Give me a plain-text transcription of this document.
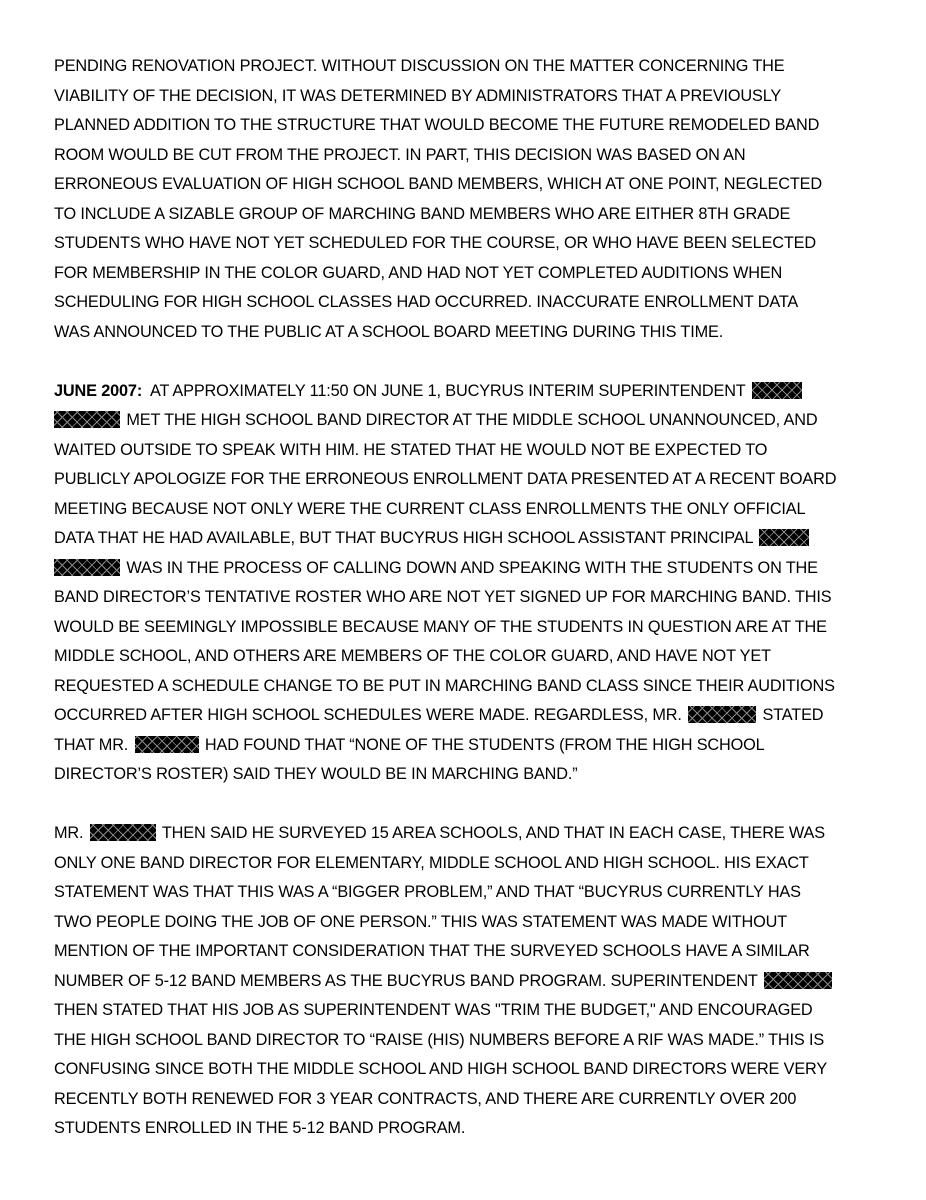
PENDING RENOVATION PROJECT. WITHOUT DISCUSSION ON THE MATTER CONCERNING THE
VIABILITY OF THE DECISION, IT WAS DETERMINED BY ADMINISTRATORS THAT A PREVIOUSLY
PLANNED ADDITION TO THE STRUCTURE THAT WOULD BECOME THE FUTURE REMODELED BAND
ROOM WOULD BE CUT FROM THE PROJECT. IN PART, THIS DECISION WAS BASED ON AN
ERRONEOUS EVALUATION OF HIGH SCHOOL BAND MEMBERS, WHICH AT ONE POINT, NEGLECTED
TO INCLUDE A SIZABLE GROUP OF MARCHING BAND MEMBERS WHO ARE EITHER 8TH GRADE
STUDENTS WHO HAVE NOT YET SCHEDULED FOR THE COURSE, OR WHO HAVE BEEN SELECTED
FOR MEMBERSHIP IN THE COLOR GUARD, AND HAD NOT YET COMPLETED AUDITIONS WHEN
SCHEDULING FOR HIGH SCHOOL CLASSES HAD OCCURRED. INACCURATE ENROLLMENT DATA
WAS ANNOUNCED TO THE PUBLIC AT A SCHOOL BOARD MEETING DURING THIS TIME.
JUNE 2007:  AT APPROXIMATELY 11:50 ON JUNE 1, BUCYRUS INTERIM SUPERINTENDENT
MET THE HIGH SCHOOL BAND DIRECTOR AT THE MIDDLE SCHOOL UNANNOUNCED, AND
WAITED OUTSIDE TO SPEAK WITH HIM. HE STATED THAT HE WOULD NOT BE EXPECTED TO
PUBLICLY APOLOGIZE FOR THE ERRONEOUS ENROLLMENT DATA PRESENTED AT A RECENT BOARD
MEETING BECAUSE NOT ONLY WERE THE CURRENT CLASS ENROLLMENTS THE ONLY OFFICIAL
DATA THAT HE HAD AVAILABLE, BUT THAT BUCYRUS HIGH SCHOOL ASSISTANT PRINCIPAL
WAS IN THE PROCESS OF CALLING DOWN AND SPEAKING WITH THE STUDENTS ON THE
BAND DIRECTOR’S TENTATIVE ROSTER WHO ARE NOT YET SIGNED UP FOR MARCHING BAND. THIS
WOULD BE SEEMINGLY IMPOSSIBLE BECAUSE MANY OF THE STUDENTS IN QUESTION ARE AT THE
MIDDLE SCHOOL, AND OTHERS ARE MEMBERS OF THE COLOR GUARD, AND HAVE NOT YET
REQUESTED A SCHEDULE CHANGE TO BE PUT IN MARCHING BAND CLASS SINCE THEIR AUDITIONS
OCCURRED AFTER HIGH SCHOOL SCHEDULES WERE MADE. REGARDLESS, MR.	STATED
THAT MR.	HAD FOUND THAT “NONE OF THE STUDENTS (FROM THE HIGH SCHOOL
DIRECTOR’S ROSTER) SAID THEY WOULD BE IN MARCHING BAND.”
MR.	THEN SAID HE SURVEYED 15 AREA SCHOOLS, AND THAT IN EACH CASE, THERE WAS
ONLY ONE BAND DIRECTOR FOR ELEMENTARY, MIDDLE SCHOOL AND HIGH SCHOOL. HIS EXACT
STATEMENT WAS THAT THIS WAS A “BIGGER PROBLEM,” AND THAT “BUCYRUS CURRENTLY HAS
TWO PEOPLE DOING THE JOB OF ONE PERSON.” THIS WAS STATEMENT WAS MADE WITHOUT
MENTION OF THE IMPORTANT CONSIDERATION THAT THE SURVEYED SCHOOLS HAVE A SIMILAR
NUMBER OF 5-12 BAND MEMBERS AS THE BUCYRUS BAND PROGRAM. SUPERINTENDENT
THEN STATED THAT HIS JOB AS SUPERINTENDENT WAS "TRIM THE BUDGET," AND ENCOURAGED
THE HIGH SCHOOL BAND DIRECTOR TO “RAISE (HIS) NUMBERS BEFORE A RIF WAS MADE.” THIS IS
CONFUSING SINCE BOTH THE MIDDLE SCHOOL AND HIGH SCHOOL BAND DIRECTORS WERE VERY
RECENTLY BOTH RENEWED FOR 3 YEAR CONTRACTS, AND THERE ARE CURRENTLY OVER 200
STUDENTS ENROLLED IN THE 5-12 BAND PROGRAM.
